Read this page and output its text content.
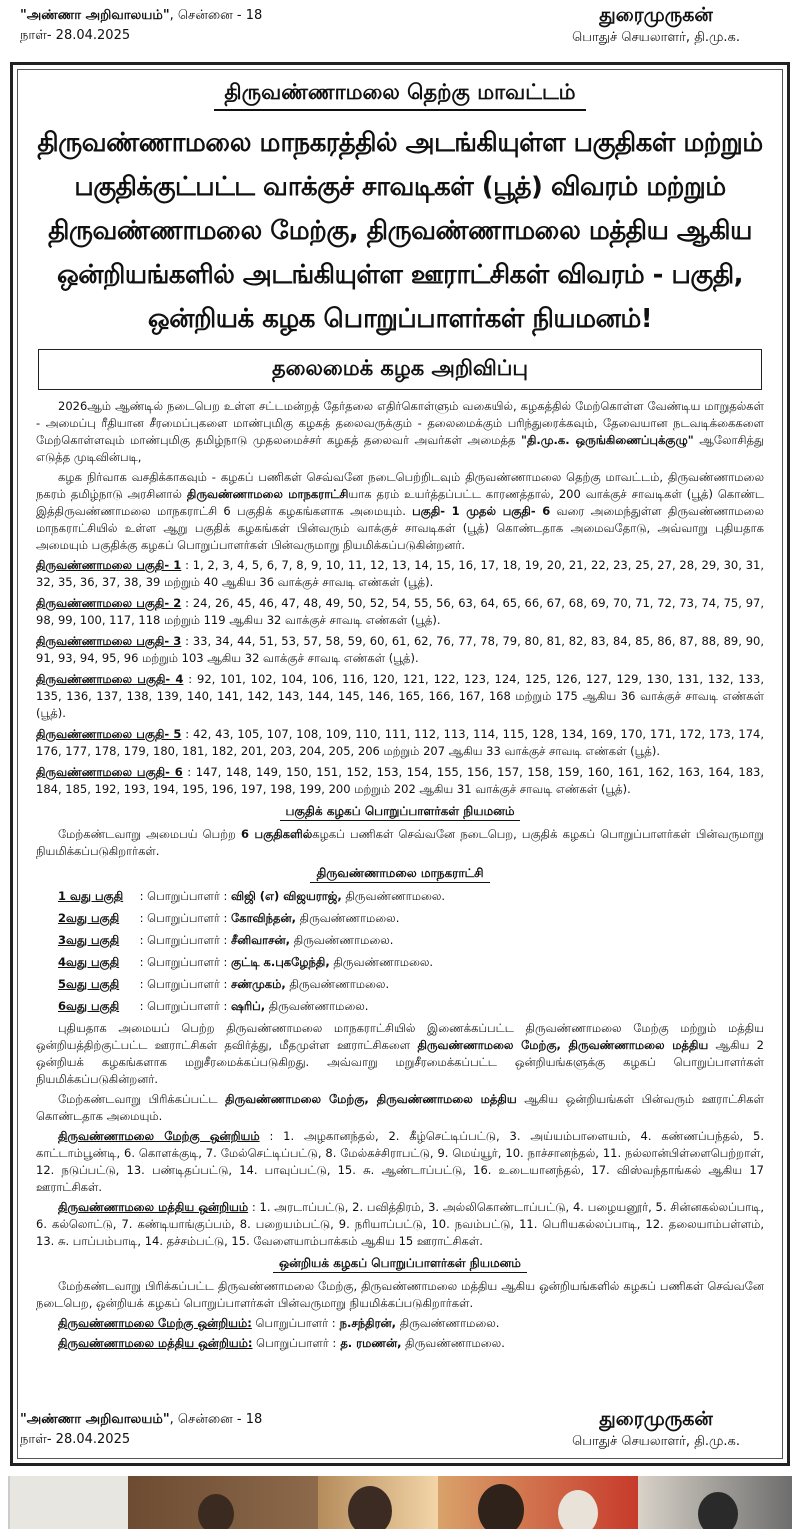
"அண்ணா அறிவாலயம்", சென்னை - 18
நாள்- 28.04.2025
துரைமுருகன்
பொதுச் செயலாளர், தி.மு.க.
திருவண்ணாமலை தெற்கு மாவட்டம்
திருவண்ணாமலை மாநகரத்தில் அடங்கியுள்ள பகுதிகள் மற்றும் பகுதிக்குட்பட்ட வாக்குச் சாவடிகள் (பூத்) விவரம் மற்றும் திருவண்ணாமலை மேற்கு, திருவண்ணாமலை மத்திய ஆகிய ஒன்றியங்களில் அடங்கியுள்ள ஊராட்சிகள் விவரம் - பகுதி, ஒன்றியக் கழக பொறுப்பாளர்கள் நியமனம்!
தலைமைக் கழக அறிவிப்பு

2026ஆம் ஆண்டில் நடைபெற உள்ள சட்டமன்றத் தேர்தலை எதிர்கொள்ளும் வகையில், கழகத்தில் மேற்கொள்ள வேண்டிய மாறுதல்கள் - அமைப்பு ரீதியான சீரமைப்புகளை மாண்புமிகு கழகத் தலைவருக்கும் - தலைமைக்கும் பரிந்துரைக்கவும், தேவையான நடவடிக்கைகளை மேற்கொள்ளவும் மாண்புமிகு தமிழ்நாடு முதலமைச்சர் கழகத் தலைவர் அவர்கள் அமைத்த "தி.மு.க. ஒருங்கிணைப்புக்குழு" ஆலோசித்து எடுத்த முடிவின்படி,

கழக நிர்வாக வசதிக்காகவும் - கழகப் பணிகள் செவ்வனே நடைபெற்றிடவும் திருவண்ணாமலை தெற்கு மாவட்டம், திருவண்ணாமலை நகரம் தமிழ்நாடு அரசினால் திருவண்ணாமலை மாநகராட்சியாக தரம் உயர்த்தப்பட்ட காரணத்தால், 200 வாக்குச் சாவடிகள் (பூத்) கொண்ட இத்திருவண்ணாமலை மாநகராட்சி 6 பகுதிக் கழகங்களாக அமையும். பகுதி- 1 முதல் பகுதி- 6 வரை அமைந்துள்ள திருவண்ணாமலை மாநகராட்சியில் உள்ள ஆறு பகுதிக் கழகங்கள் பின்வரும் வாக்குச் சாவடிகள் (பூத்) கொண்டதாக அமைவதோடு, அவ்வாறு புதியதாக அமையும் பகுதிக்கு கழகப் பொறுப்பாளர்கள் பின்வருமாறு நியமிக்கப்படுகின்றனர்.

திருவண்ணாமலை பகுதி- 1 : 1, 2, 3, 4, 5, 6, 7, 8, 9, 10, 11, 12, 13, 14, 15, 16, 17, 18, 19, 20, 21, 22, 23, 25, 27, 28, 29, 30, 31, 32, 35, 36, 37, 38, 39 மற்றும் 40 ஆகிய 36 வாக்குச் சாவடி எண்கள் (பூத்).

திருவண்ணாமலை பகுதி- 2 : 24, 26, 45, 46, 47, 48, 49, 50, 52, 54, 55, 56, 63, 64, 65, 66, 67, 68, 69, 70, 71, 72, 73, 74, 75, 97, 98, 99, 100, 117, 118 மற்றும் 119 ஆகிய 32 வாக்குச் சாவடி எண்கள் (பூத்).

திருவண்ணாமலை பகுதி- 3 : 33, 34, 44, 51, 53, 57, 58, 59, 60, 61, 62, 76, 77, 78, 79, 80, 81, 82, 83, 84, 85, 86, 87, 88, 89, 90, 91, 93, 94, 95, 96 மற்றும் 103 ஆகிய 32 வாக்குச் சாவடி எண்கள் (பூத்).

திருவண்ணாமலை பகுதி- 4 : 92, 101, 102, 104, 106, 116, 120, 121, 122, 123, 124, 125, 126, 127, 129, 130, 131, 132, 133, 135, 136, 137, 138, 139, 140, 141, 142, 143, 144, 145, 146, 165, 166, 167, 168 மற்றும் 175 ஆகிய 36 வாக்குச் சாவடி எண்கள் (பூத்).

திருவண்ணாமலை பகுதி- 5 : 42, 43, 105, 107, 108, 109, 110, 111, 112, 113, 114, 115, 128, 134, 169, 170, 171, 172, 173, 174, 176, 177, 178, 179, 180, 181, 182, 201, 203, 204, 205, 206 மற்றும் 207 ஆகிய 33 வாக்குச் சாவடி எண்கள் (பூத்).

திருவண்ணாமலை பகுதி- 6 : 147, 148, 149, 150, 151, 152, 153, 154, 155, 156, 157, 158, 159, 160, 161, 162, 163, 164, 183, 184, 185, 192, 193, 194, 195, 196, 197, 198, 199, 200 மற்றும் 202 ஆகிய 31 வாக்குச் சாவடி எண்கள் (பூத்).

பகுதிக் கழகப் பொறுப்பாளர்கள் நியமனம்

மேற்கண்டவாறு அமைபய் பெற்ற 6 பகுதிகளில்கழகப் பணிகள் செவ்வனே நடைபெற, பகுதிக் கழகப் பொறுப்பாளர்கள் பின்வருமாறு நியமிக்கப்படுகிறார்கள்.

திருவண்ணாமலை மாநகராட்சி
1 வது பகுதி : பொறுப்பாளர் : விஜி (எ) விஜயராஜ், திருவண்ணாமலை.
2வது பகுதி : பொறுப்பாளர் : கோவிந்தன், திருவண்ணாமலை.
3வது பகுதி : பொறுப்பாளர் : சீனிவாசன், திருவண்ணாமலை.
4வது பகுதி : பொறுப்பாளர் : குட்டி க.புகழேந்தி, திருவண்ணாமலை.
5வது பகுதி : பொறுப்பாளர் : சண்முகம், திருவண்ணாமலை.
6வது பகுதி : பொறுப்பாளர் : ஷரிப், திருவண்ணாமலை.

புதியதாக அமையப் பெற்ற திருவண்ணாமலை மாநகராட்சியில் இணைக்கப்பட்ட திருவண்ணாமலை மேற்கு மற்றும் மத்திய ஒன்றியத்திற்குட்பட்ட ஊராட்சிகள் தவிர்த்து, மீதமுள்ள ஊராட்சிகளை திருவண்ணாமலை மேற்கு, திருவண்ணாமலை மத்திய ஆகிய 2 ஒன்றியக் கழகங்களாக மறுசீரமைக்கப்படுகிறது. அவ்வாறு மறுசீரமைக்கப்பட்ட ஒன்றியங்களுக்கு கழகப் பொறுப்பாளர்கள் நியமிக்கப்படுகின்றனர்.

மேற்கண்டவாறு பிரிக்கப்பட்ட திருவண்ணாமலை மேற்கு, திருவண்ணாமலை மத்திய ஆகிய ஒன்றியங்கள் பின்வரும் ஊராட்சிகள் கொண்டதாக அமையும்.

திருவண்ணாமலை மேற்கு ஒன்றியம் : 1. அழகானந்தல், 2. கீழ்செட்டிப்பட்டு, 3. அய்யம்பாளையம், 4. கண்ணப்பந்தல், 5. காட்டாம்பூண்டி, 6. கொளக்குடி, 7. மேல்செட்டிப்பட்டு, 8. மேல்கச்சிராபட்டு, 9. மெய்யூர், 10. நாச்சானந்தல், 11. நல்லான்பிள்ளைபெற்றாள், 12. நடுப்பட்டு, 13. பண்டிதப்பட்டு, 14. பாவுப்பட்டு, 15. சு. ஆண்டாப்பட்டு, 16. உடையானந்தல், 17. விஸ்வந்தாங்கல் ஆகிய 17 ஊராட்சிகள்.

திருவண்ணாமலை மத்திய ஒன்றியம் : 1. அரடாப்பட்டு, 2. பவித்திரம், 3. அல்லிகொண்டாப்பட்டு, 4. பழையனூர், 5. சின்னகல்லப்பாடி, 6. கல்லொட்டு, 7. கண்டியாங்குப்பம், 8. பறையம்பட்டு, 9. நரியாப்பட்டு, 10. நவம்பட்டு, 11. பெரியகல்லப்பாடி, 12. தலையாம்பள்ளம், 13. சு. பாப்பம்பாடி, 14. தச்சம்பட்டு, 15. வேளையாம்பாக்கம் ஆகிய 15 ஊராட்சிகள்.

ஒன்றியக் கழகப் பொறுப்பாளர்கள் நியமனம்

மேற்கண்டவாறு பிரிக்கப்பட்ட திருவண்ணாமலை மேற்கு, திருவண்ணாமலை மத்திய ஆகிய ஒன்றியங்களில் கழகப் பணிகள் செவ்வனே நடைபெற, ஒன்றியக் கழகப் பொறுப்பாளர்கள் பின்வருமாறு நியமிக்கப்படுகிறார்கள்.

திருவண்ணாமலை மேற்கு ஒன்றியம்: பொறுப்பாளர் : ந.சந்திரன், திருவண்ணாமலை.

திருவண்ணாமலை மத்திய ஒன்றியம்: பொறுப்பாளர் : த. ரமணன், திருவண்ணாமலை.

"அண்ணா அறிவாலயம்", சென்னை - 18
நாள்- 28.04.2025
துரைமுருகன்
பொதுச் செயலாளர், தி.மு.க.
